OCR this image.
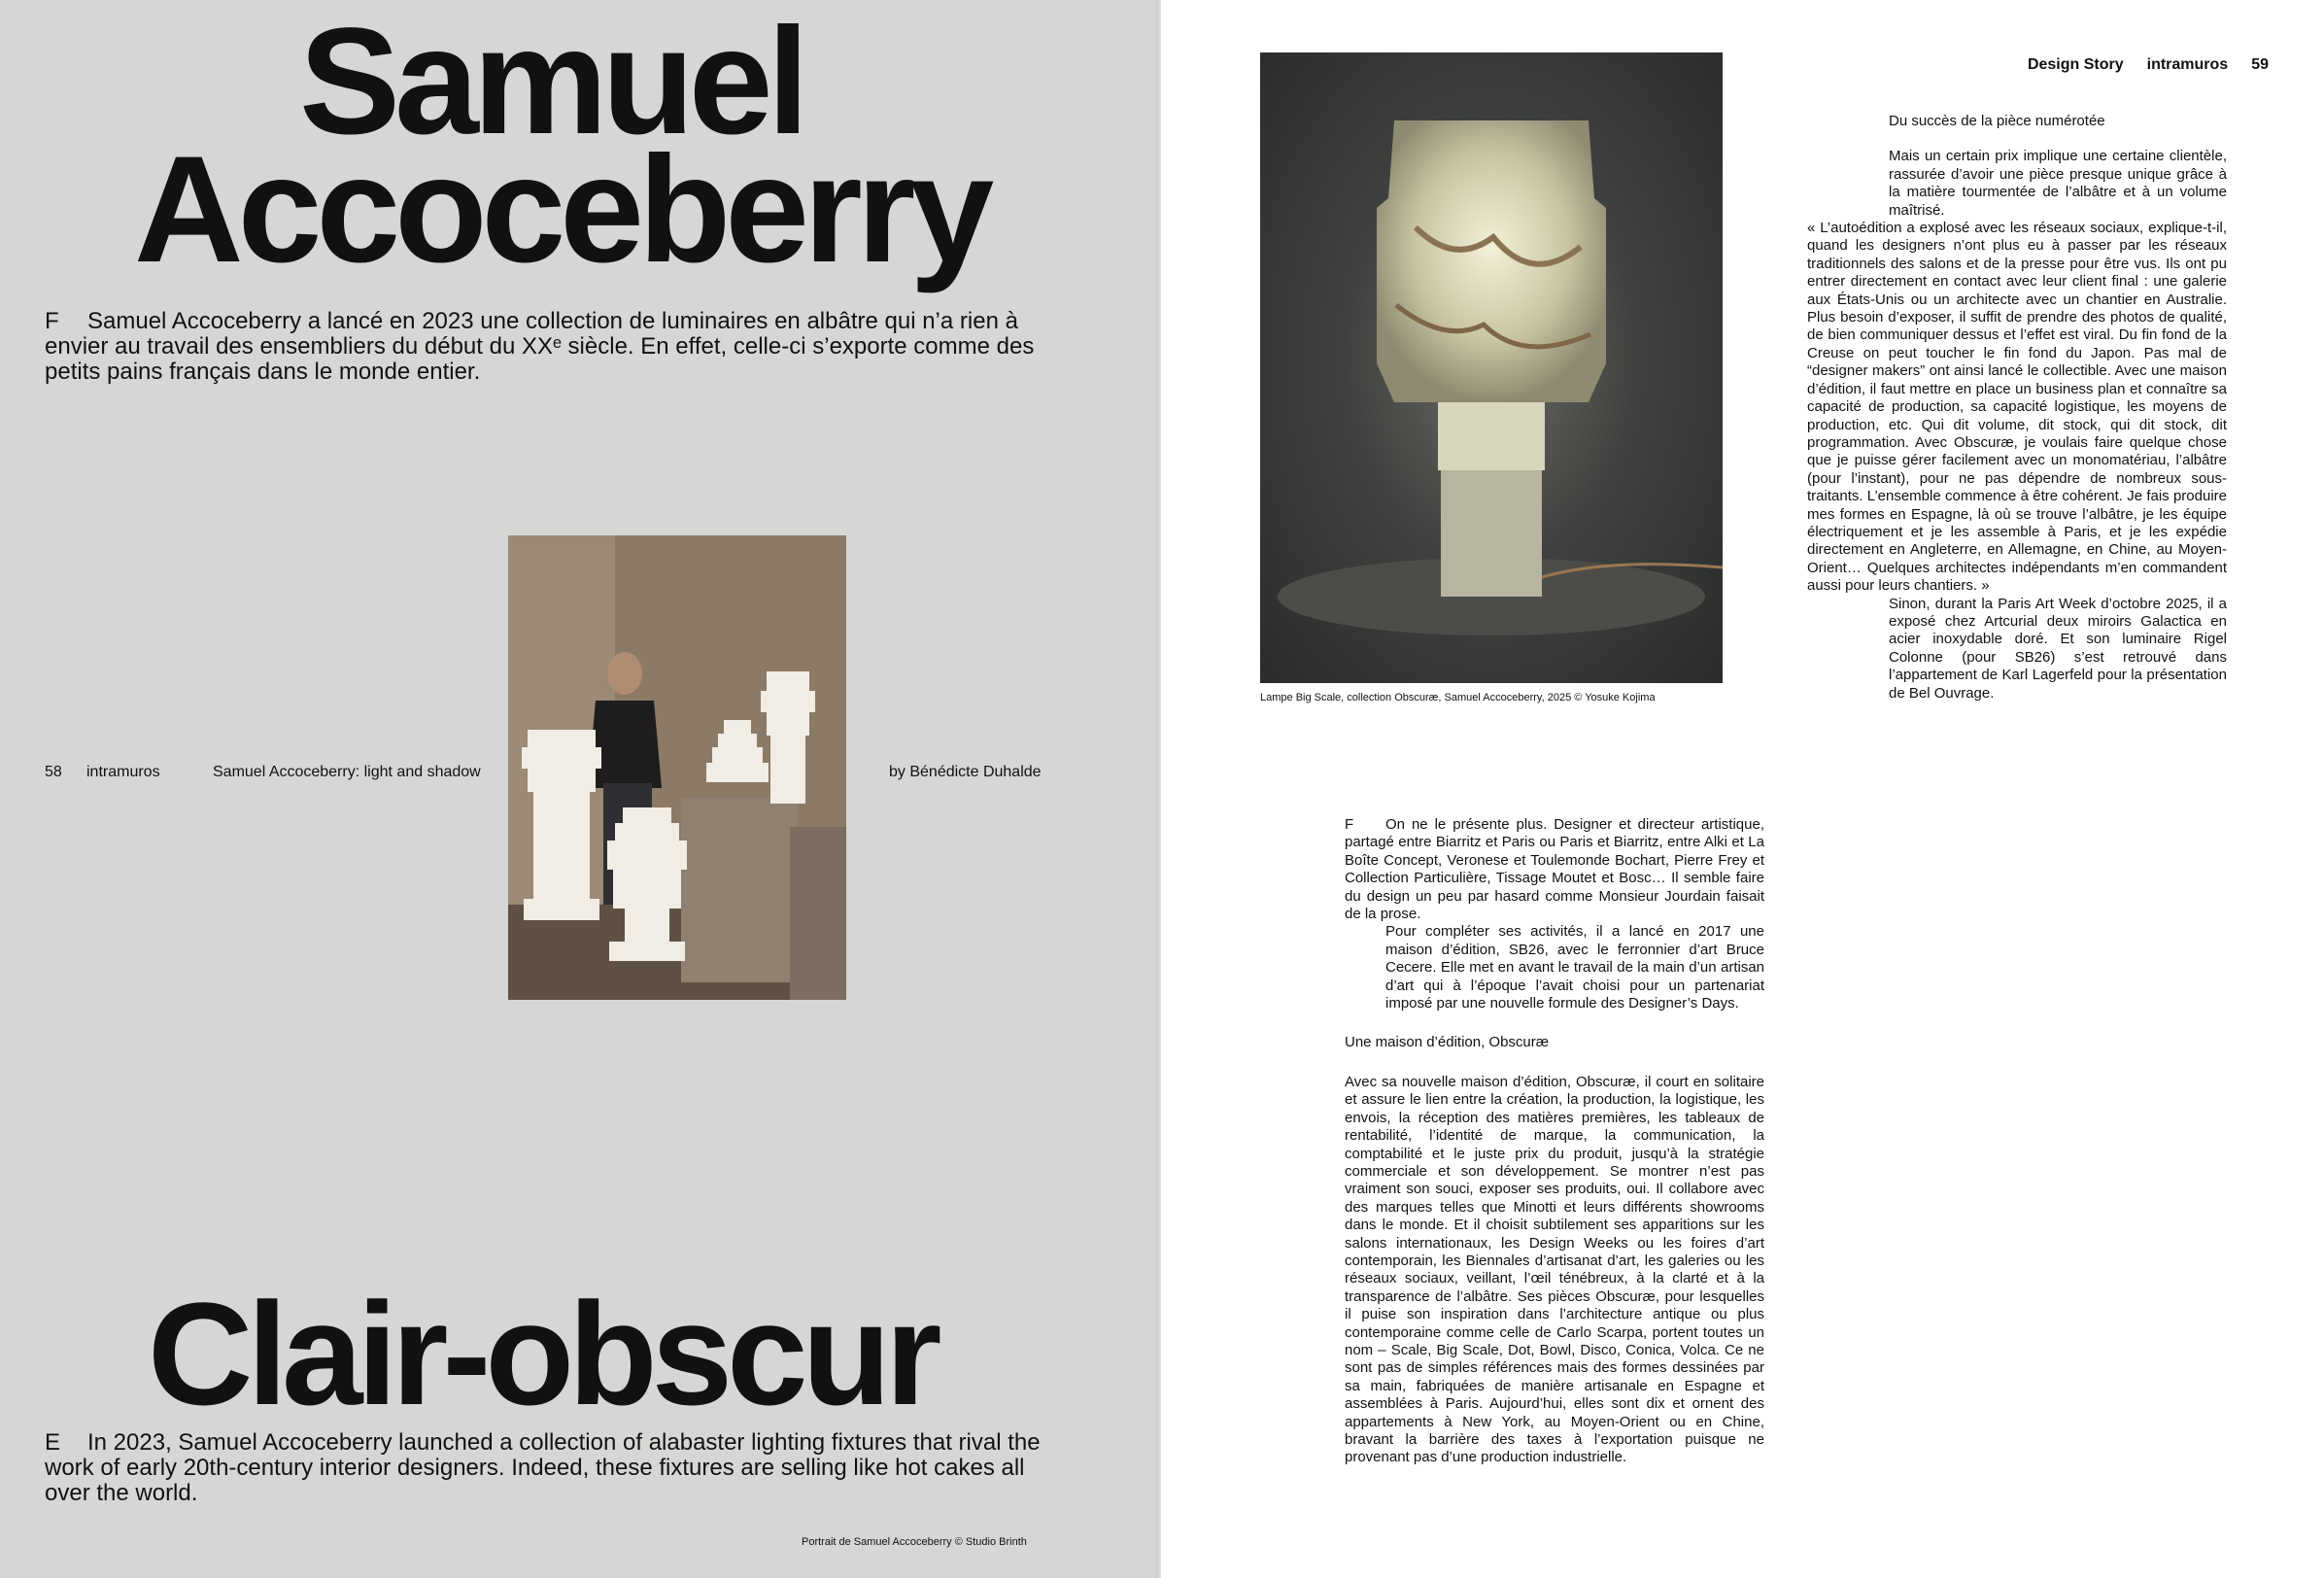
Samuel
Accoceberry

F Samuel Accoceberry a lancé en 2023 une collection de luminaires en albâtre qui n’a rien à envier au travail des ensembliers du début du XXᵉ siècle. En effet, celle-ci s’exporte comme des petits pains français dans le monde entier.

58 intramuros	Samuel Accoceberry: light and shadow	by Bénédicte Duhalde
Clair-obscur

E In 2023, Samuel Accoceberry launched a collection of alabaster lighting fixtures that rival the work of early 20th-century interior designers. Indeed, these fixtures are selling like hot cakes all over the world.

Portrait de Samuel Accoceberry © Studio Brinth
Design Story intramuros 59
Lampe Big Scale, collection Obscuræ, Samuel Accoceberry, 2025 © Yosuke Kojima

Du succès de la pièce numérotée

Mais un certain prix implique une certaine clientèle, rassurée d’avoir une pièce presque unique grâce à la matière tourmentée de l’albâtre et à un volume maîtrisé.

« L’autoédition a explosé avec les réseaux sociaux, explique-t-il, quand les designers n’ont plus eu à passer par les réseaux traditionnels des salons et de la presse pour être vus. Ils ont pu entrer directement en contact avec leur client final : une galerie aux États-Unis ou un architecte avec un chantier en Australie. Plus besoin d’exposer, il suffit de prendre des photos de qualité, de bien communiquer dessus et l’effet est viral. Du fin fond de la Creuse on peut toucher le fin fond du Japon. Pas mal de “designer makers” ont ainsi lancé le collectible. Avec une maison d’édition, il faut mettre en place un business plan et connaître sa capacité de production, sa capacité logistique, les moyens de production, etc. Qui dit volume, dit stock, qui dit stock, dit programmation. Avec Obscuræ, je voulais faire quelque chose que je puisse gérer facilement avec un monomatériau, l’albâtre (pour l’instant), pour ne pas dépendre de nombreux sous-traitants. L’ensemble commence à être cohérent. Je fais produire mes formes en Espagne, là où se trouve l’albâtre, je les équipe électriquement et je les assemble à Paris, et je les expédie directement en Angleterre, en Allemagne, en Chine, au Moyen-Orient… Quelques architectes indépendants m’en commandent aussi pour leurs chantiers. »

Sinon, durant la Paris Art Week d’octobre 2025, il a exposé chez Artcurial deux miroirs Galactica en acier inoxydable doré. Et son luminaire Rigel Colonne (pour SB26) s’est retrouvé dans l’appartement de Karl Lagerfeld pour la présentation de Bel Ouvrage.

F On ne le présente plus. Designer et directeur artistique, partagé entre Biarritz et Paris ou Paris et Biarritz, entre Alki et La Boîte Concept, Veronese et Toulemonde Bochart, Pierre Frey et Collection Particulière, Tissage Moutet et Bosc… Il semble faire du design un peu par hasard comme Monsieur Jourdain faisait de la prose.

Pour compléter ses activités, il a lancé en 2017 une maison d’édition, SB26, avec le ferronnier d’art Bruce Cecere. Elle met en avant le travail de la main d’un artisan d’art qui à l’époque l’avait choisi pour un partenariat imposé par une nouvelle formule des Designer’s Days.

Une maison d’édition, Obscuræ

Avec sa nouvelle maison d’édition, Obscuræ, il court en solitaire et assure le lien entre la création, la production, la logistique, les envois, la réception des matières premières, les tableaux de rentabilité, l’identité de marque, la communication, la comptabilité et le juste prix du produit, jusqu’à la stratégie commerciale et son développement. Se montrer n’est pas vraiment son souci, exposer ses produits, oui. Il collabore avec des marques telles que Minotti et leurs différents showrooms dans le monde. Et il choisit subtilement ses apparitions sur les salons internationaux, les Design Weeks ou les foires d’art contemporain, les Biennales d’artisanat d’art, les galeries ou les réseaux sociaux, veillant, l’œil ténébreux, à la clarté et à la transparence de l’albâtre. Ses pièces Obscuræ, pour lesquelles il puise son inspiration dans l’architecture antique ou plus contemporaine comme celle de Carlo Scarpa, portent toutes un nom – Scale, Big Scale, Dot, Bowl, Disco, Conica, Volca. Ce ne sont pas de simples références mais des formes dessinées par sa main, fabriquées de manière artisanale en Espagne et assemblées à Paris. Aujourd’hui, elles sont dix et ornent des appartements à New York, au Moyen-Orient ou en Chine, bravant la barrière des taxes à l’exportation puisque ne provenant pas d’une production industrielle.
